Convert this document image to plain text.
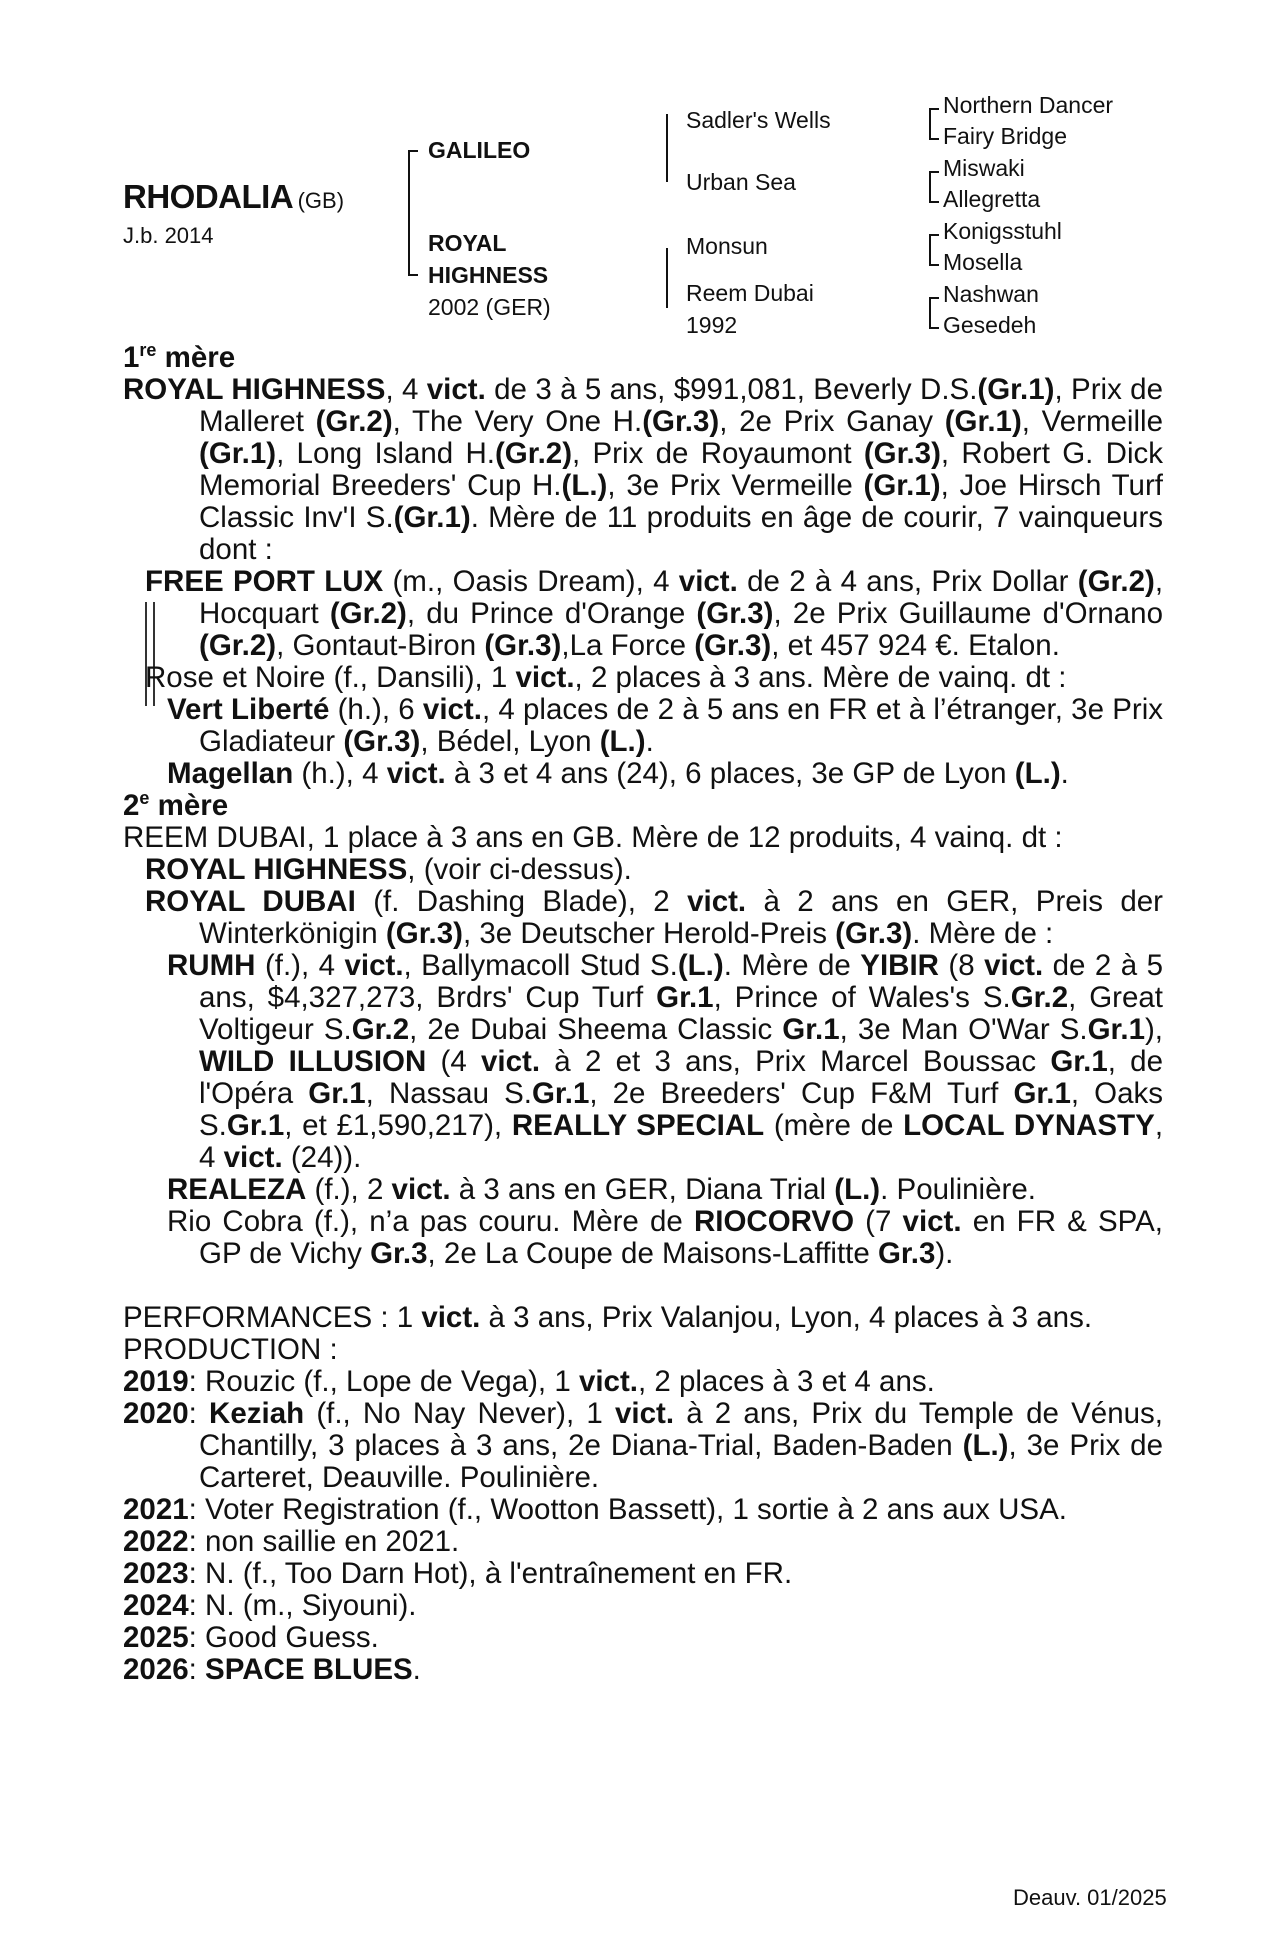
RHODALIA (GB)
J.b. 2014
GALILEO
ROYAL
HIGHNESS
2002 (GER)
Sadler's Wells
Urban Sea
Monsun
Reem Dubai
1992
Northern Dancer
Fairy Bridge
Miswaki
Allegretta
Konigsstuhl
Mosella
Nashwan
Gesedeh
1re mère

ROYAL HIGHNESS, 4 vict. de 3 à 5 ans, $991,081, Beverly D.S.(Gr.1), Prix de Malleret (Gr.2), The Very One H.(Gr.3), 2e Prix Ganay (Gr.1), Vermeille (Gr.1), Long Island H.(Gr.2), Prix de Royaumont (Gr.3), Robert G. Dick Memorial Breeders' Cup H.(L.), 3e Prix Vermeille (Gr.1), Joe Hirsch Turf Classic Inv'I S.(Gr.1). Mère de 11 produits en âge de courir, 7 vainqueurs dont :

FREE PORT LUX (m., Oasis Dream), 4 vict. de 2 à 4 ans, Prix Dollar (Gr.2), Hocquart (Gr.2), du Prince d'Orange (Gr.3), 2e Prix Guillaume d'Ornano (Gr.2), Gontaut-Biron (Gr.3),La Force (Gr.3), et 457 924 €. Etalon.

Rose et Noire (f., Dansili), 1 vict., 2 places à 3 ans. Mère de vainq. dt :

Vert Liberté (h.), 6 vict., 4 places de 2 à 5 ans en FR et à l’étranger, 3e Prix Gladiateur (Gr.3), Bédel, Lyon (L.).

Magellan (h.), 4 vict. à 3 et 4 ans (24), 6 places, 3e GP de Lyon (L.).

2e mère

REEM DUBAI, 1 place à 3 ans en GB. Mère de 12 produits, 4 vainq. dt :

ROYAL HIGHNESS, (voir ci-dessus).

ROYAL DUBAI (f. Dashing Blade), 2 vict. à 2 ans en GER, Preis der Winterkönigin (Gr.3), 3e Deutscher Herold-Preis (Gr.3). Mère de :

RUMH (f.), 4 vict., Ballymacoll Stud S.(L.). Mère de YIBIR (8 vict. de 2 à 5 ans, $4,327,273, Brdrs' Cup Turf Gr.1, Prince of Wales's S.Gr.2, Great Voltigeur S.Gr.2, 2e Dubai Sheema Classic Gr.1, 3e Man O'War S.Gr.1), WILD ILLUSION (4 vict. à 2 et 3 ans, Prix Marcel Boussac Gr.1, de l'Opéra Gr.1, Nassau S.Gr.1, 2e Breeders' Cup F&M Turf Gr.1, Oaks S.Gr.1, et £1,590,217), REALLY SPECIAL (mère de LOCAL DYNASTY, 4 vict. (24)).

REALEZA (f.), 2 vict. à 3 ans en GER, Diana Trial (L.). Poulinière.

Rio Cobra (f.), n’a pas couru. Mère de RIOCORVO (7 vict. en FR & SPA, GP de Vichy Gr.3, 2e La Coupe de Maisons-Laffitte Gr.3).

PERFORMANCES : 1 vict. à 3 ans, Prix Valanjou, Lyon, 4 places à 3 ans.

PRODUCTION :

2019: Rouzic (f., Lope de Vega), 1 vict., 2 places à 3 et 4 ans.

2020: Keziah (f., No Nay Never), 1 vict. à 2 ans, Prix du Temple de Vénus, Chantilly, 3 places à 3 ans, 2e Diana-Trial, Baden-Baden (L.), 3e Prix de Carteret, Deauville. Poulinière.

2021: Voter Registration (f., Wootton Bassett), 1 sortie à 2 ans aux USA.

2022: non saillie en 2021.

2023: N. (f., Too Darn Hot), à l'entraînement en FR.

2024: N. (m., Siyouni).

2025: Good Guess.

2026: SPACE BLUES.

Deauv. 01/2025
